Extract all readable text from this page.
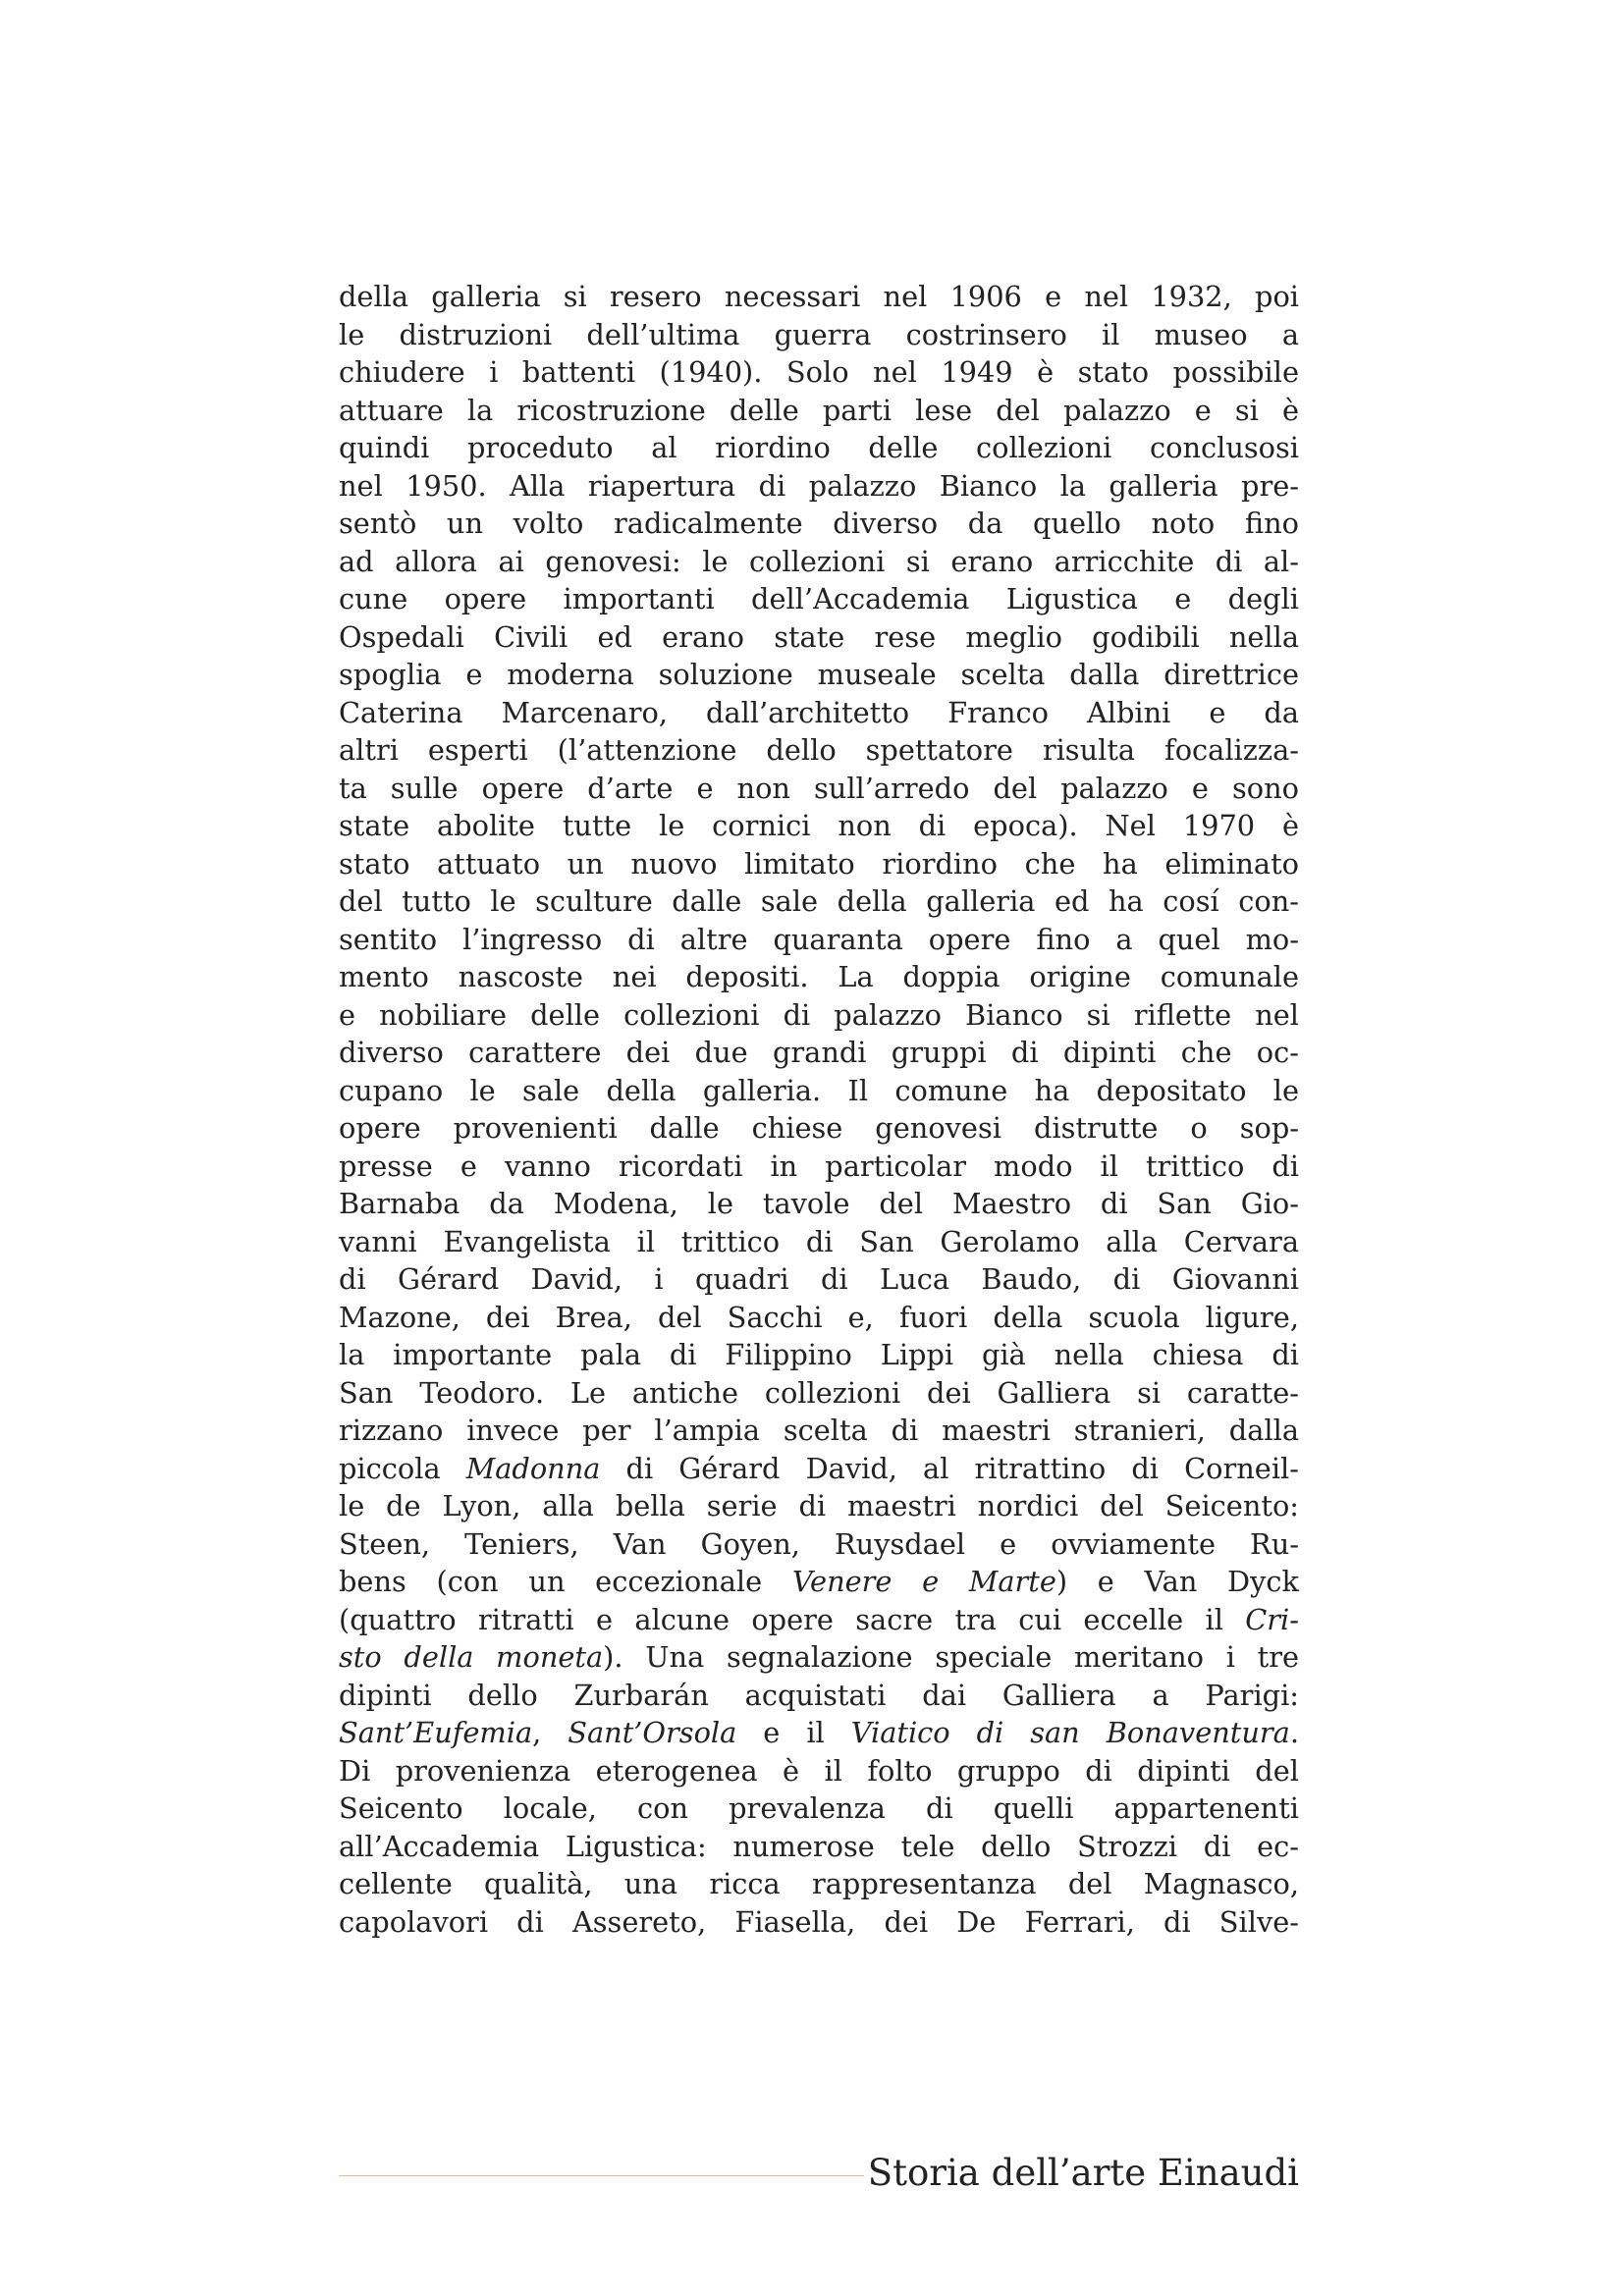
della galleria si resero necessari nel 1906 e nel 1932, poi
le distruzioni dell’ultima guerra costrinsero il museo a
chiudere i battenti (1940). Solo nel 1949 è stato possibile
attuare la ricostruzione delle parti lese del palazzo e si è
quindi proceduto al riordino delle collezioni conclusosi
nel 1950. Alla riapertura di palazzo Bianco la galleria pre-
sentò un volto radicalmente diverso da quello noto fino
ad allora ai genovesi: le collezioni si erano arricchite di al-
cune opere importanti dell’Accademia Ligustica e degli
Ospedali Civili ed erano state rese meglio godibili nella
spoglia e moderna soluzione museale scelta dalla direttrice
Caterina Marcenaro, dall’architetto Franco Albini e da
altri esperti (l’attenzione dello spettatore risulta focalizza-
ta sulle opere d’arte e non sull’arredo del palazzo e sono
state abolite tutte le cornici non di epoca). Nel 1970 è
stato attuato un nuovo limitato riordino che ha eliminato
del tutto le sculture dalle sale della galleria ed ha cosí con-
sentito l’ingresso di altre quaranta opere fino a quel mo-
mento nascoste nei depositi. La doppia origine comunale
e nobiliare delle collezioni di palazzo Bianco si riflette nel
diverso carattere dei due grandi gruppi di dipinti che oc-
cupano le sale della galleria. Il comune ha depositato le
opere provenienti dalle chiese genovesi distrutte o sop-
presse e vanno ricordati in particolar modo il trittico di
Barnaba da Modena, le tavole del Maestro di San Gio-
vanni Evangelista il trittico di San Gerolamo alla Cervara
di Gérard David, i quadri di Luca Baudo, di Giovanni
Mazone, dei Brea, del Sacchi e, fuori della scuola ligure,
la importante pala di Filippino Lippi già nella chiesa di
San Teodoro. Le antiche collezioni dei Galliera si caratte-
rizzano invece per l’ampia scelta di maestri stranieri, dalla
piccola Madonna di Gérard David, al ritrattino di Corneil-
le de Lyon, alla bella serie di maestri nordici del Seicento:
Steen, Teniers, Van Goyen, Ruysdael e ovviamente Ru-
bens (con un eccezionale Venere e Marte) e Van Dyck
(quattro ritratti e alcune opere sacre tra cui eccelle il Cri-
sto della moneta). Una segnalazione speciale meritano i tre
dipinti dello Zurbarán acquistati dai Galliera a Parigi:
Sant’Eufemia, Sant’Orsola e il Viatico di san Bonaventura.
Di provenienza eterogenea è il folto gruppo di dipinti del
Seicento locale, con prevalenza di quelli appartenenti
all’Accademia Ligustica: numerose tele dello Strozzi di ec-
cellente qualità, una ricca rappresentanza del Magnasco,
capolavori di Assereto, Fiasella, dei De Ferrari, di Silve-
Storia dell’arte Einaudi
